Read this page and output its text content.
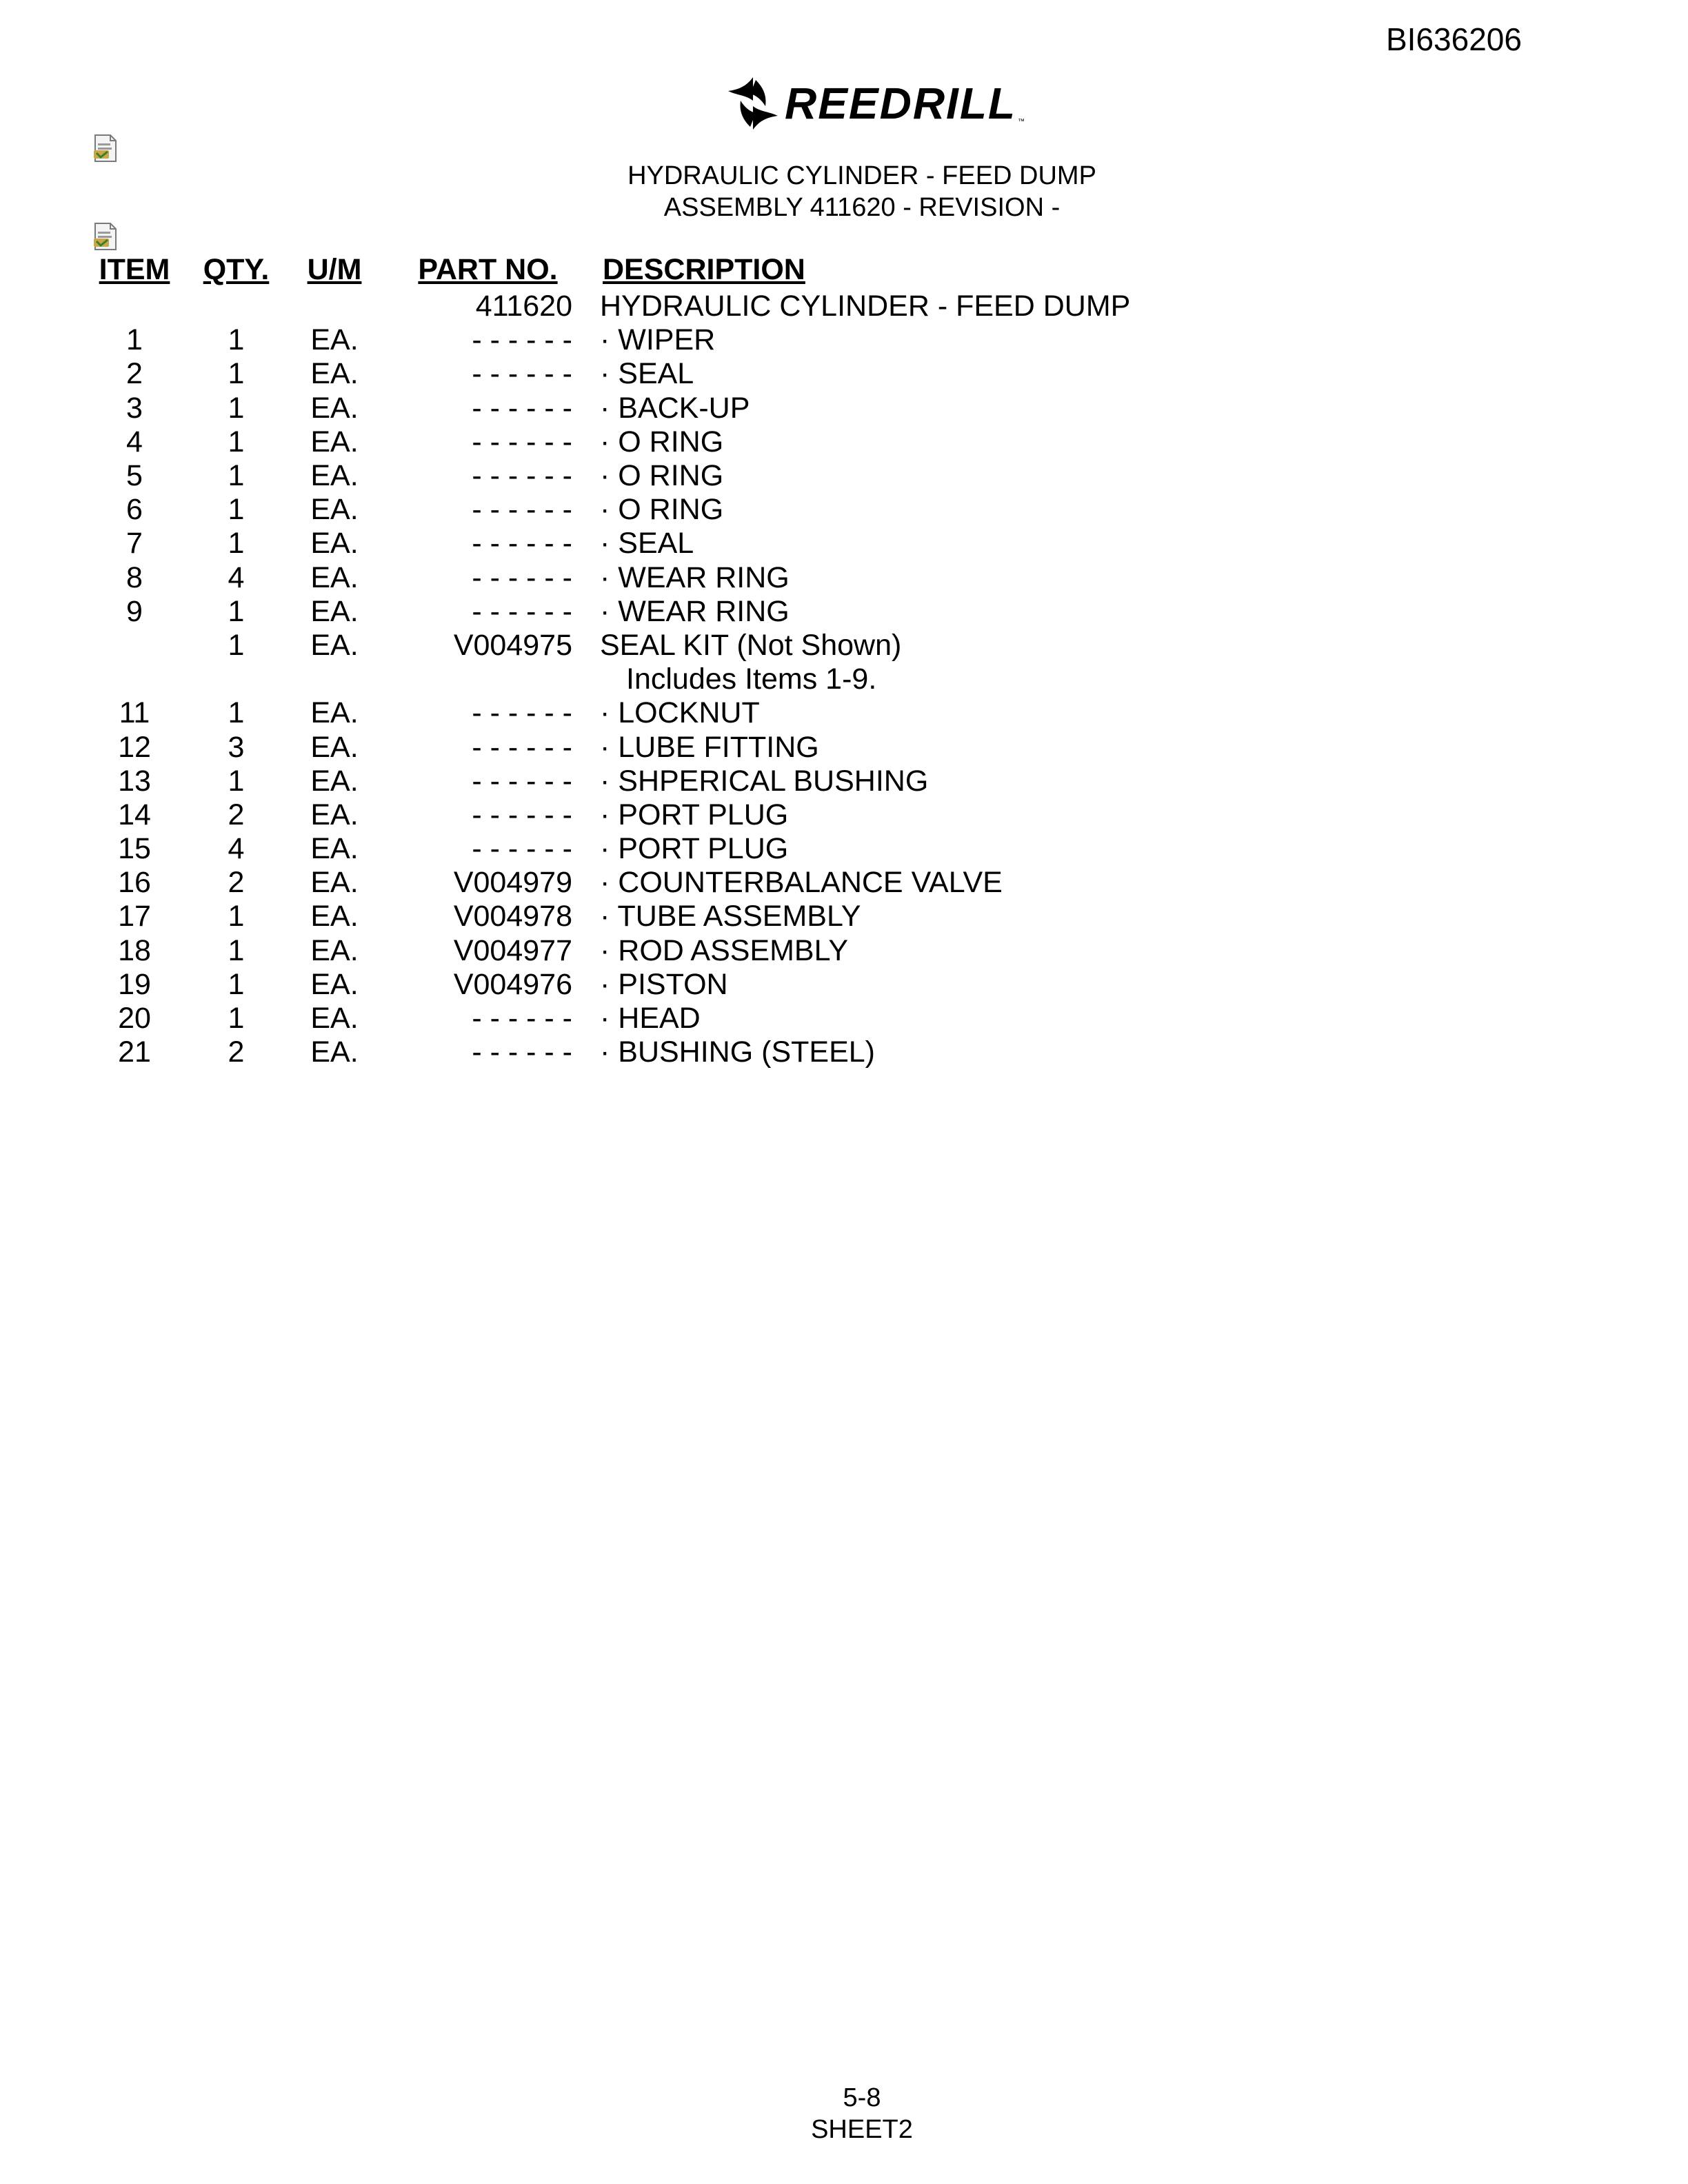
BI636206
REEDRILL ™
HYDRAULIC CYLINDER - FEED DUMP
ASSEMBLY 411620 - REVISION -
ITEM	QTY.	U/M	PART NO.	DESCRIPTION
			411620	HYDRAULIC CYLINDER - FEED DUMP
1	1	EA.	- - - - - -	· WIPER
2	1	EA.	- - - - - -	· SEAL
3	1	EA.	- - - - - -	· BACK-UP
4	1	EA.	- - - - - -	· O RING
5	1	EA.	- - - - - -	· O RING
6	1	EA.	- - - - - -	· O RING
7	1	EA.	- - - - - -	· SEAL
8	4	EA.	- - - - - -	· WEAR RING
9	1	EA.	- - - - - -	· WEAR RING
	1	EA.	V004975	SEAL KIT (Not Shown)
				Includes Items 1-9.
11	1	EA.	- - - - - -	· LOCKNUT
12	3	EA.	- - - - - -	· LUBE FITTING
13	1	EA.	- - - - - -	· SHPERICAL BUSHING
14	2	EA.	- - - - - -	· PORT PLUG
15	4	EA.	- - - - - -	· PORT PLUG
16	2	EA.	V004979	· COUNTERBALANCE VALVE
17	1	EA.	V004978	· TUBE ASSEMBLY
18	1	EA.	V004977	· ROD ASSEMBLY
19	1	EA.	V004976	· PISTON
20	1	EA.	- - - - - -	· HEAD
21	2	EA.	- - - - - -	· BUSHING (STEEL)
5-8
SHEET2
